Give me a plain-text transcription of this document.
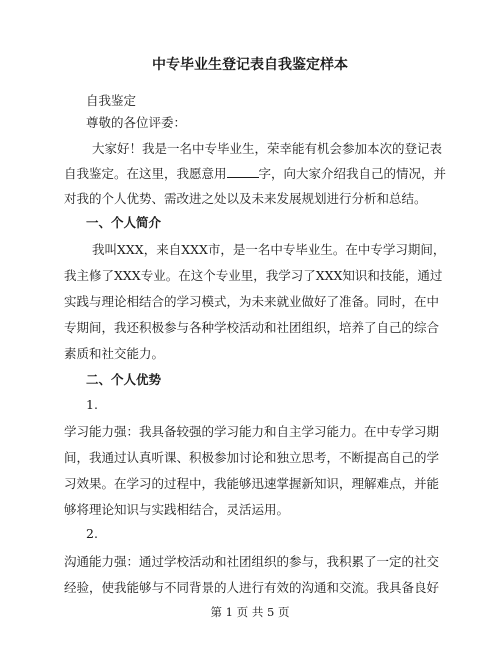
中专毕业生登记表自我鉴定样本
自我鉴定
尊敬的各位评委：
大家好！我是一名中专毕业生，荣幸能有机会参加本次的登记表
自我鉴定。在这里，我愿意用	字，向大家介绍我自己的情况，并
对我的个人优势、需改进之处以及未来发展规划进行分析和总结。
一、个人简介
我叫XXX，来自XXX市，是一名中专毕业生。在中专学习期间，
我主修了XXX专业。在这个专业里，我学习了XXX知识和技能，通过
实践与理论相结合的学习模式，为未来就业做好了准备。同时，在中
专期间，我还积极参与各种学校活动和社团组织，培养了自己的综合
素质和社交能力。
二、个人优势
1.
学习能力强：我具备较强的学习能力和自主学习能力。在中专学习期
间，我通过认真听课、积极参加讨论和独立思考，不断提高自己的学
习效果。在学习的过程中，我能够迅速掌握新知识，理解难点，并能
够将理论知识与实践相结合，灵活运用。
2.
沟通能力强：通过学校活动和社团组织的参与，我积累了一定的社交
经验，使我能够与不同背景的人进行有效的沟通和交流。我具备良好
第 1 页 共 5 页
